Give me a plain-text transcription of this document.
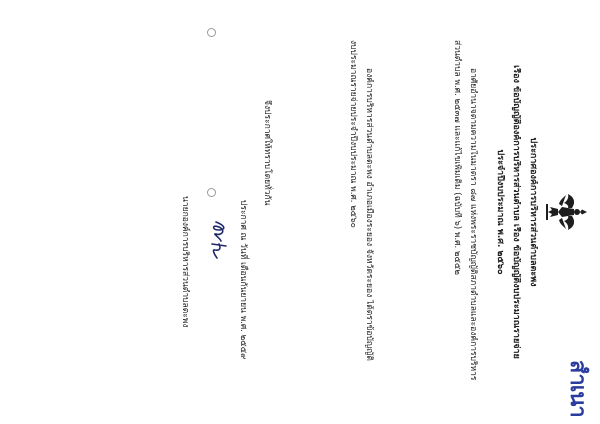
สำเนา
ประกาศองค์การบริหารส่วนตำบลตะพง
เรื่อง ข้อบัญญัติองค์การบริหารส่วนตำบล เรื่อง ข้อบัญญัติงบประมาณรายจ่าย
ประจำปีงบประมาณ พ.ศ. ๒๕๖๐
อาศัยอำนาจตามความในมาตรา ๘๗ แห่งพระราชบัญญัติสภาตำบลและองค์การบริหาร
ส่วนตำบล พ.ศ. ๒๕๓๗ และแก้ไขเพิ่มเติม (ฉบับที่ ๖) พ.ศ. ๒๕๕๒
องค์การบริหารส่วนตำบลตะพง อำเภอเมืองระยอง จังหวัดระยอง ได้ตราข้อบัญญัติ
งบประมาณรายจ่ายประจำปีงบประมาณ พ.ศ. ๒๕๖๐
จึงประกาศให้ทราบโดยทั่วกัน
ประกาศ ณ วันที่ เดือนกันยายน พ.ศ. ๒๕๕๙
นายกองค์การบริหารส่วนตำบลตะพง
